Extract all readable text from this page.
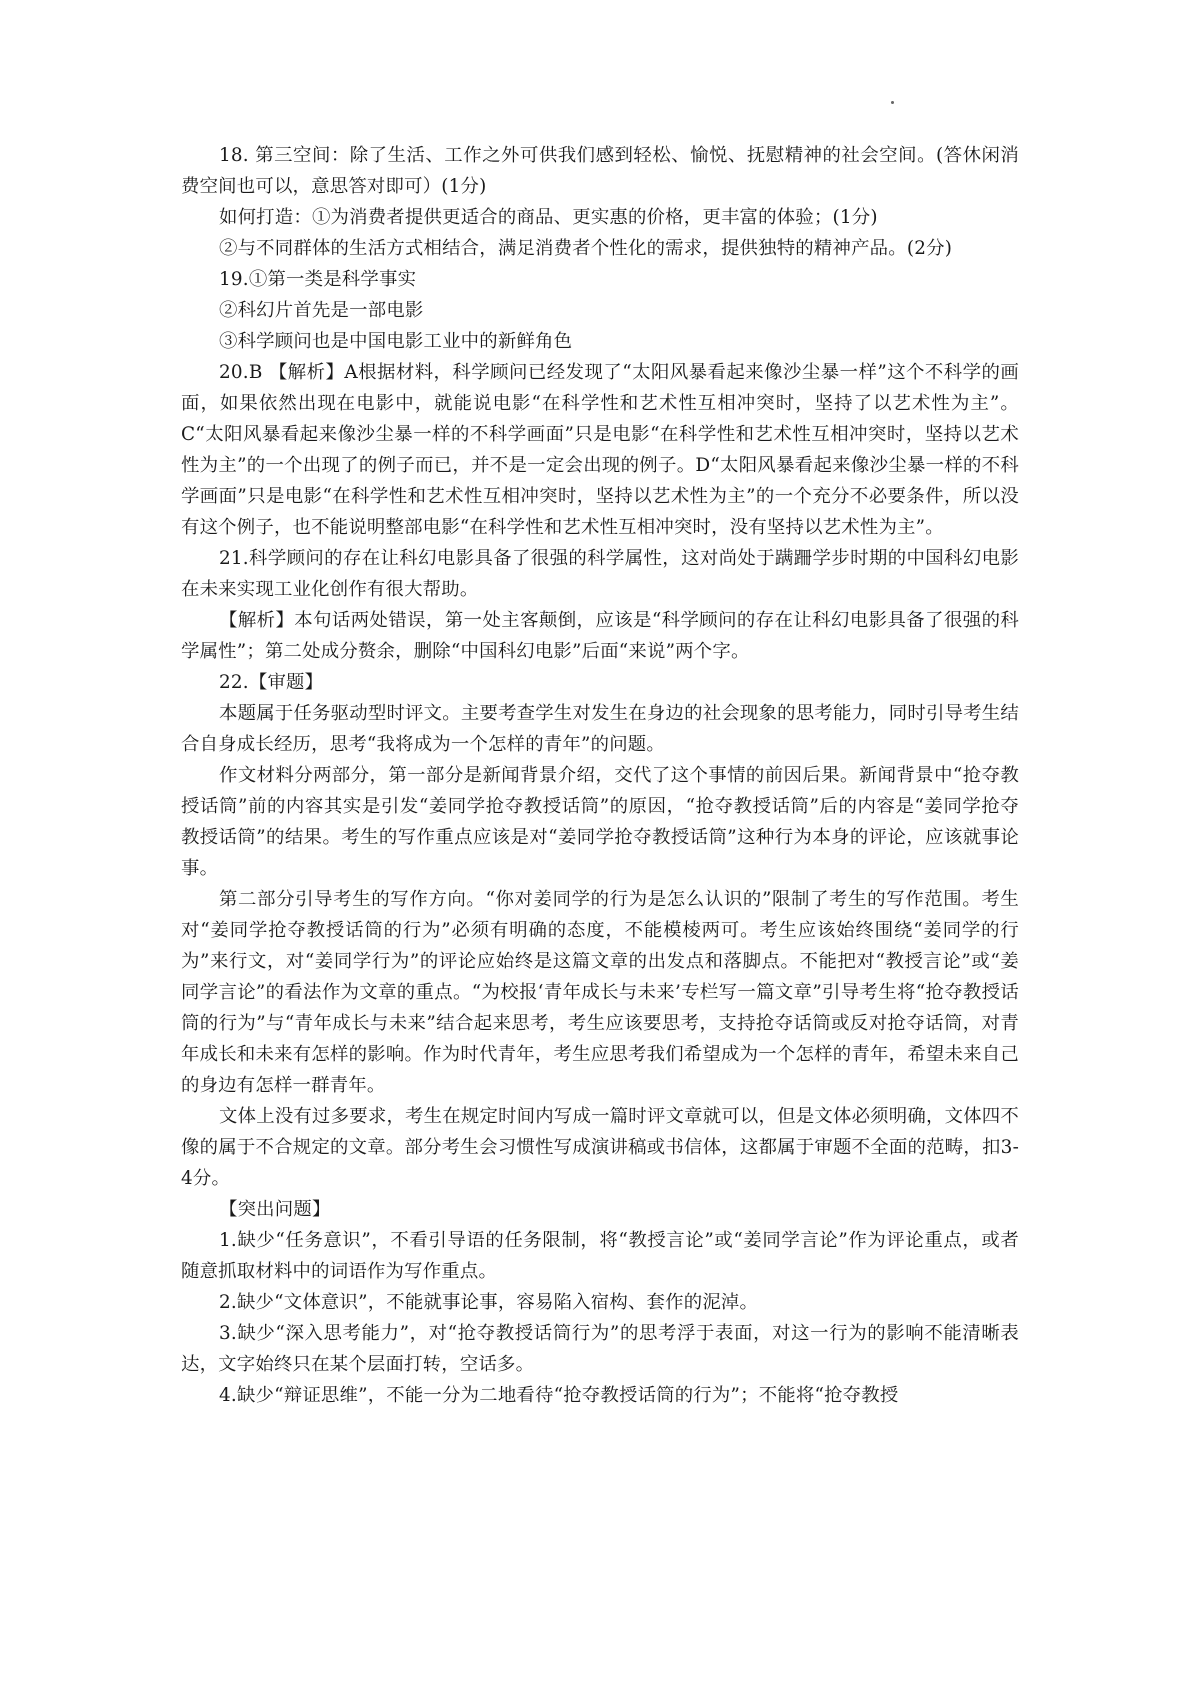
18. 第三空间：除了生活、工作之外可供我们感到轻松、愉悦、抚慰精神的社会空间。(答休闲消费空间也可以，意思答对即可）(1分)

如何打造：①为消费者提供更适合的商品、更实惠的价格，更丰富的体验；(1分)

②与不同群体的生活方式相结合，满足消费者个性化的需求，提供独特的精神产品。(2分)

19.①第一类是科学事实

②科幻片首先是一部电影

③科学顾问也是中国电影工业中的新鲜角色

20.B 【解析】A根据材料，科学顾问已经发现了“太阳风暴看起来像沙尘暴一样”这个不科学的画面，如果依然出现在电影中，就能说电影“在科学性和艺术性互相冲突时，坚持了以艺术性为主”。C“太阳风暴看起来像沙尘暴一样的不科学画面”只是电影“在科学性和艺术性互相冲突时，坚持以艺术性为主”的一个出现了的例子而已，并不是一定会出现的例子。D“太阳风暴看起来像沙尘暴一样的不科学画面”只是电影“在科学性和艺术性互相冲突时，坚持以艺术性为主”的一个充分不必要条件，所以没有这个例子，也不能说明整部电影“在科学性和艺术性互相冲突时，没有坚持以艺术性为主”。

21.科学顾问的存在让科幻电影具备了很强的科学属性，这对尚处于蹒跚学步时期的中国科幻电影在未来实现工业化创作有很大帮助。

【解析】本句话两处错误，第一处主客颠倒，应该是“科学顾问的存在让科幻电影具备了很强的科学属性”；第二处成分赘余，删除“中国科幻电影”后面“来说”两个字。

22.【审题】

本题属于任务驱动型时评文。主要考查学生对发生在身边的社会现象的思考能力，同时引导考生结合自身成长经历，思考“我将成为一个怎样的青年”的问题。

作文材料分两部分，第一部分是新闻背景介绍，交代了这个事情的前因后果。新闻背景中“抢夺教授话筒”前的内容其实是引发“姜同学抢夺教授话筒”的原因，“抢夺教授话筒”后的内容是“姜同学抢夺教授话筒”的结果。考生的写作重点应该是对“姜同学抢夺教授话筒”这种行为本身的评论，应该就事论事。

第二部分引导考生的写作方向。“你对姜同学的行为是怎么认识的”限制了考生的写作范围。考生对“姜同学抢夺教授话筒的行为”必须有明确的态度，不能模棱两可。考生应该始终围绕“姜同学的行为”来行文，对“姜同学行为”的评论应始终是这篇文章的出发点和落脚点。不能把对“教授言论”或“姜同学言论”的看法作为文章的重点。“为校报‘青年成长与未来’专栏写一篇文章”引导考生将“抢夺教授话筒的行为”与“青年成长与未来”结合起来思考，考生应该要思考，支持抢夺话筒或反对抢夺话筒，对青年成长和未来有怎样的影响。作为时代青年，考生应思考我们希望成为一个怎样的青年，希望未来自己的身边有怎样一群青年。

文体上没有过多要求，考生在规定时间内写成一篇时评文章就可以，但是文体必须明确，文体四不像的属于不合规定的文章。部分考生会习惯性写成演讲稿或书信体，这都属于审题不全面的范畴，扣3-4分。

【突出问题】

1.缺少“任务意识”，不看引导语的任务限制，将“教授言论”或“姜同学言论”作为评论重点，或者随意抓取材料中的词语作为写作重点。

2.缺少“文体意识”，不能就事论事，容易陷入宿构、套作的泥淖。

3.缺少“深入思考能力”，对“抢夺教授话筒行为”的思考浮于表面，对这一行为的影响不能清晰表达，文字始终只在某个层面打转，空话多。

4.缺少“辩证思维”，不能一分为二地看待“抢夺教授话筒的行为”；不能将“抢夺教授
